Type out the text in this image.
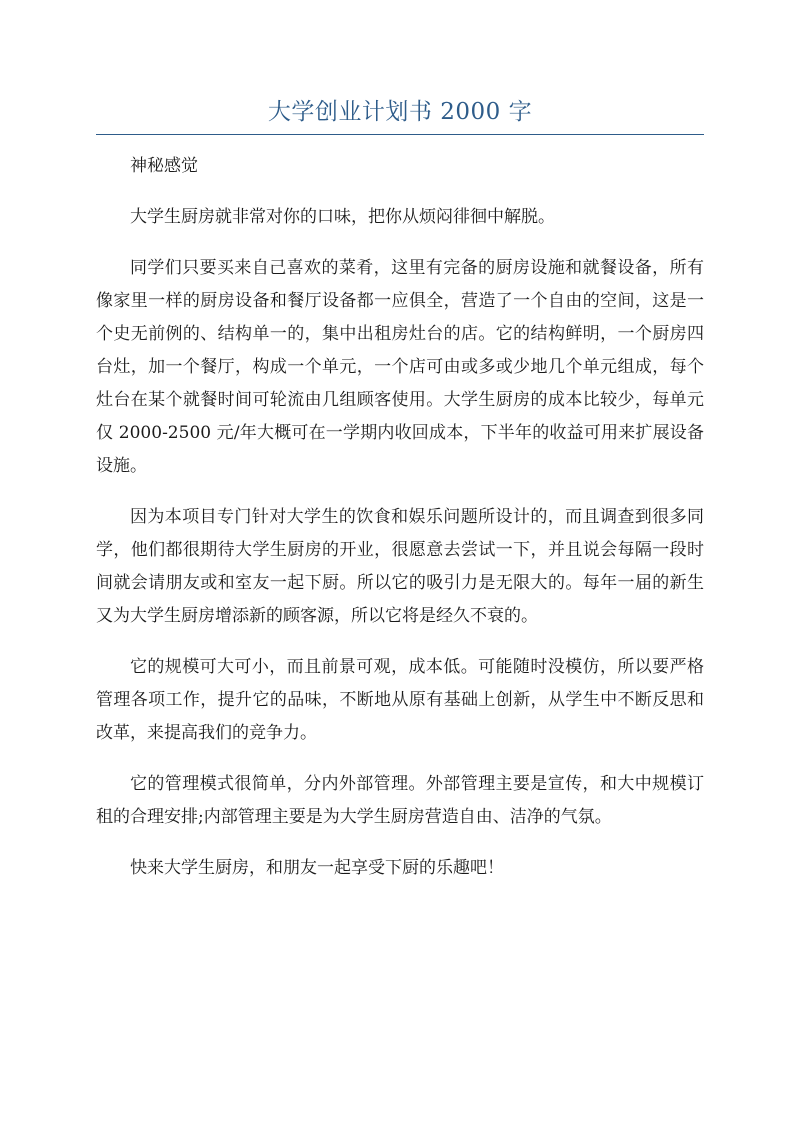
大学创业计划书 2000 字

神秘感觉

大学生厨房就非常对你的口味，把你从烦闷徘徊中解脱。

同学们只要买来自己喜欢的菜肴，这里有完备的厨房设施和就餐设备，所有像家里一样的厨房设备和餐厅设备都一应俱全，营造了一个自由的空间，这是一个史无前例的、结构单一的，集中出租房灶台的店。它的结构鲜明，一个厨房四台灶，加一个餐厅，构成一个单元，一个店可由或多或少地几个单元组成，每个灶台在某个就餐时间可轮流由几组顾客使用。大学生厨房的成本比较少，每单元仅 2000-2500 元/年大概可在一学期内收回成本，下半年的收益可用来扩展设备设施。

因为本项目专门针对大学生的饮食和娱乐问题所设计的，而且调查到很多同学，他们都很期待大学生厨房的开业，很愿意去尝试一下，并且说会每隔一段时间就会请朋友或和室友一起下厨。所以它的吸引力是无限大的。每年一届的新生又为大学生厨房增添新的顾客源，所以它将是经久不衰的。

它的规模可大可小，而且前景可观，成本低。可能随时没模仿，所以要严格管理各项工作，提升它的品味，不断地从原有基础上创新，从学生中不断反思和改革，来提高我们的竞争力。

它的管理模式很简单，分内外部管理。外部管理主要是宣传，和大中规模订租的合理安排;内部管理主要是为大学生厨房营造自由、洁净的气氛。

快来大学生厨房，和朋友一起享受下厨的乐趣吧！
